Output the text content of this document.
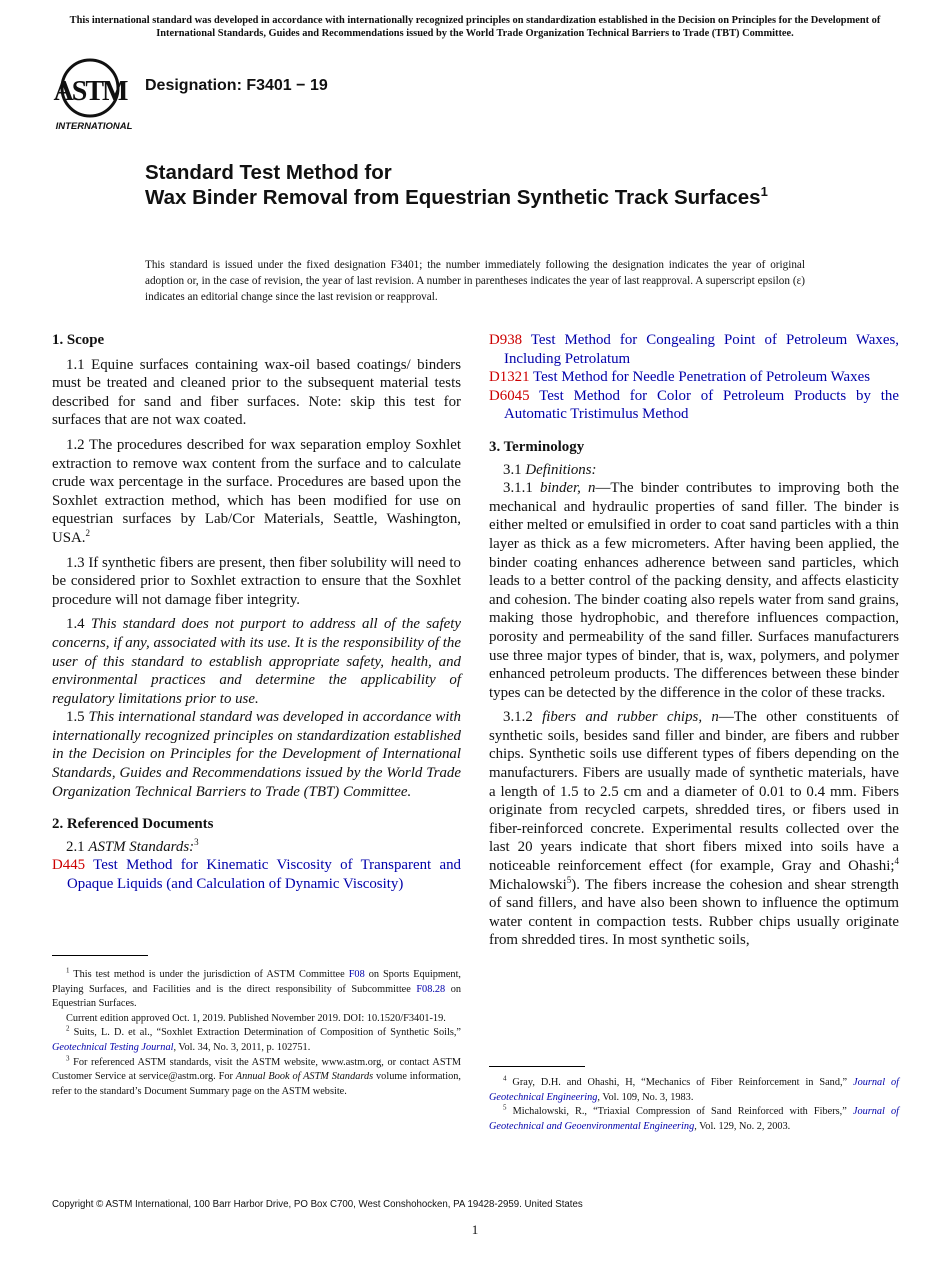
This international standard was developed in accordance with internationally recognized principles on standardization established in the Decision on Principles for the Development of International Standards, Guides and Recommendations issued by the World Trade Organization Technical Barriers to Trade (TBT) Committee.
ASTM
INTERNATIONAL
Designation: F3401 − 19
Standard Test Method for
Wax Binder Removal from Equestrian Synthetic Track Surfaces$^1$
This standard is issued under the fixed designation F3401; the number immediately following the designation indicates the year of original adoption or, in the case of revision, the year of last revision. A number in parentheses indicates the year of last reapproval. A superscript epsilon (ε) indicates an editorial change since the last revision or reapproval.
1. Scope

1.1 Equine surfaces containing wax-oil based coatings/ binders must be treated and cleaned prior to the subsequent material tests described for sand and fiber surfaces. Note: skip this test for surfaces that are not wax coated.

1.2 The procedures described for wax separation employ Soxhlet extraction to remove wax content from the surface and to calculate crude wax percentage in the surface. Procedures are based upon the Soxhlet extraction method, which has been modified for use on equestrian surfaces by Lab/Cor Materials, Seattle, Washington, USA.$^2$

1.3 If synthetic fibers are present, then fiber solubility will need to be considered prior to Soxhlet extraction to ensure that the Soxhlet procedure will not damage fiber integrity.

1.4 This standard does not purport to address all of the safety concerns, if any, associated with its use. It is the responsibility of the user of this standard to establish appropriate safety, health, and environmental practices and determine the applicability of regulatory limitations prior to use.

1.5 This international standard was developed in accordance with internationally recognized principles on standardization established in the Decision on Principles for the Development of International Standards, Guides and Recommendations issued by the World Trade Organization Technical Barriers to Trade (TBT) Committee.

2. Referenced Documents

2.1 ASTM Standards:$^3$

D445 Test Method for Kinematic Viscosity of Transparent and Opaque Liquids (and Calculation of Dynamic Viscosity)

$^1$ This test method is under the jurisdiction of ASTM Committee F08 on Sports Equipment, Playing Surfaces, and Facilities and is the direct responsibility of Subcommittee F08.28 on Equestrian Surfaces.

Current edition approved Oct. 1, 2019. Published November 2019. DOI: 10.1520/F3401-19.

$^2$ Suits, L. D. et al., “Soxhlet Extraction Determination of Composition of Synthetic Soils,” Geotechnical Testing Journal, Vol. 34, No. 3, 2011, p. 102751.

$^3$ For referenced ASTM standards, visit the ASTM website, www.astm.org, or contact ASTM Customer Service at service@astm.org. For Annual Book of ASTM Standards volume information, refer to the standard’s Document Summary page on the ASTM website.

D938 Test Method for Congealing Point of Petroleum Waxes, Including Petrolatum

D1321 Test Method for Needle Penetration of Petroleum Waxes

D6045 Test Method for Color of Petroleum Products by the Automatic Tristimulus Method

3. Terminology

3.1 Definitions:

3.1.1 binder, n—The binder contributes to improving both the mechanical and hydraulic properties of sand filler. The binder is either melted or emulsified in order to coat sand particles with a thin layer as thick as a few micrometers. After having been applied, the binder coating enhances adherence between sand particles, which leads to a better control of the packing density, and affects elasticity and cohesion. The binder coating also repels water from sand grains, making those hydrophobic, and therefore influences compaction, porosity and permeability of the sand filler. Surfaces manufacturers use three major types of binder, that is, wax, polymers, and polymer enhanced petroleum products. The differences between these binder types can be detected by the difference in the color of these tracks.

3.1.2 fibers and rubber chips, n—The other constituents of synthetic soils, besides sand filler and binder, are fibers and rubber chips. Synthetic soils use different types of fibers depending on the manufacturers. Fibers are usually made of synthetic materials, have a length of 1.5 to 2.5 cm and a diameter of 0.01 to 0.4 mm. Fibers originate from recycled carpets, shredded tires, or fibers used in fiber-reinforced concrete. Experimental results collected over the last 20 years indicate that short fibers mixed into soils have a noticeable reinforcement effect (for example, Gray and Ohashi;$^4$ Michalowski$^5$). The fibers increase the cohesion and shear strength of sand fillers, and have also been shown to influence the optimum water content in compaction tests. Rubber chips usually originate from shredded tires. In most synthetic soils,

$^4$ Gray, D.H. and Ohashi, H, “Mechanics of Fiber Reinforcement in Sand,” Journal of Geotechnical Engineering, Vol. 109, No. 3, 1983.

$^5$ Michalowski, R., “Triaxial Compression of Sand Reinforced with Fibers,” Journal of Geotechnical and Geoenvironmental Engineering, Vol. 129, No. 2, 2003.

Copyright © ASTM International, 100 Barr Harbor Drive, PO Box C700, West Conshohocken, PA 19428-2959. United States
1
